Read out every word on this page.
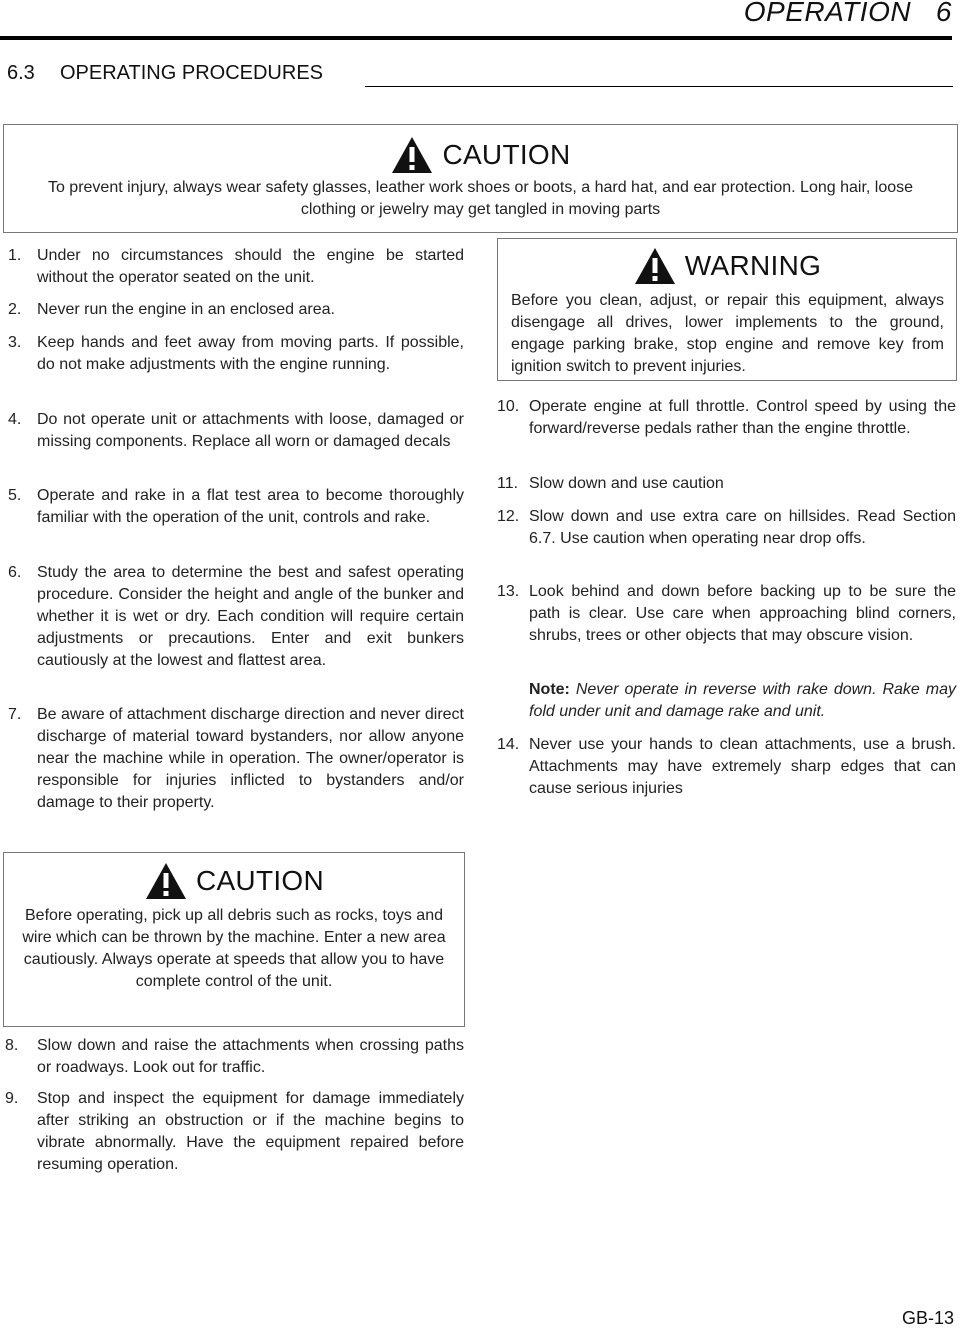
OPERATION 6
6.3 OPERATING PROCEDURES
CAUTION
To prevent injury, always wear safety glasses, leather work shoes or boots, a hard hat, and ear protection. Long hair, loose clothing or jewelry may get tangled in moving parts
1. Under no circumstances should the engine be started without the operator seated on the unit.
2. Never run the engine in an enclosed area.
3. Keep hands and feet away from moving parts. If possible, do not make adjustments with the engine running.
4. Do not operate unit or attachments with loose, damaged or missing components. Replace all worn or damaged decals
5. Operate and rake in a flat test area to become thoroughly familiar with the operation of the unit, controls and rake.
6. Study the area to determine the best and safest operating procedure. Consider the height and angle of the bunker and whether it is wet or dry. Each condition will require certain adjustments or precautions. Enter and exit bunkers cautiously at the lowest and flattest area.
7. Be aware of attachment discharge direction and never direct discharge of material toward bystanders, nor allow anyone near the machine while in operation. The owner/operator is responsible for injuries inflicted to bystanders and/or damage to their property.
CAUTION
Before operating, pick up all debris such as rocks, toys and wire which can be thrown by the machine. Enter a new area cautiously. Always operate at speeds that allow you to have complete control of the unit.
8. Slow down and raise the attachments when crossing paths or roadways. Look out for traffic.
9. Stop and inspect the equipment for damage immediately after striking an obstruction or if the machine begins to vibrate abnormally. Have the equipment repaired before resuming operation.
WARNING
Before you clean, adjust, or repair this equipment, always disengage all drives, lower implements to the ground, engage parking brake, stop engine and remove key from ignition switch to prevent injuries.
10. Operate engine at full throttle. Control speed by using the forward/reverse pedals rather than the engine throttle.
11. Slow down and use caution
12. Slow down and use extra care on hillsides. Read Section 6.7. Use caution when operating near drop offs.
13. Look behind and down before backing up to be sure the path is clear. Use care when approaching blind corners, shrubs, trees or other objects that may obscure vision.
Note: Never operate in reverse with rake down. Rake may fold under unit and damage rake and unit.
14. Never use your hands to clean attachments, use a brush. Attachments may have extremely sharp edges that can cause serious injuries
GB-13
